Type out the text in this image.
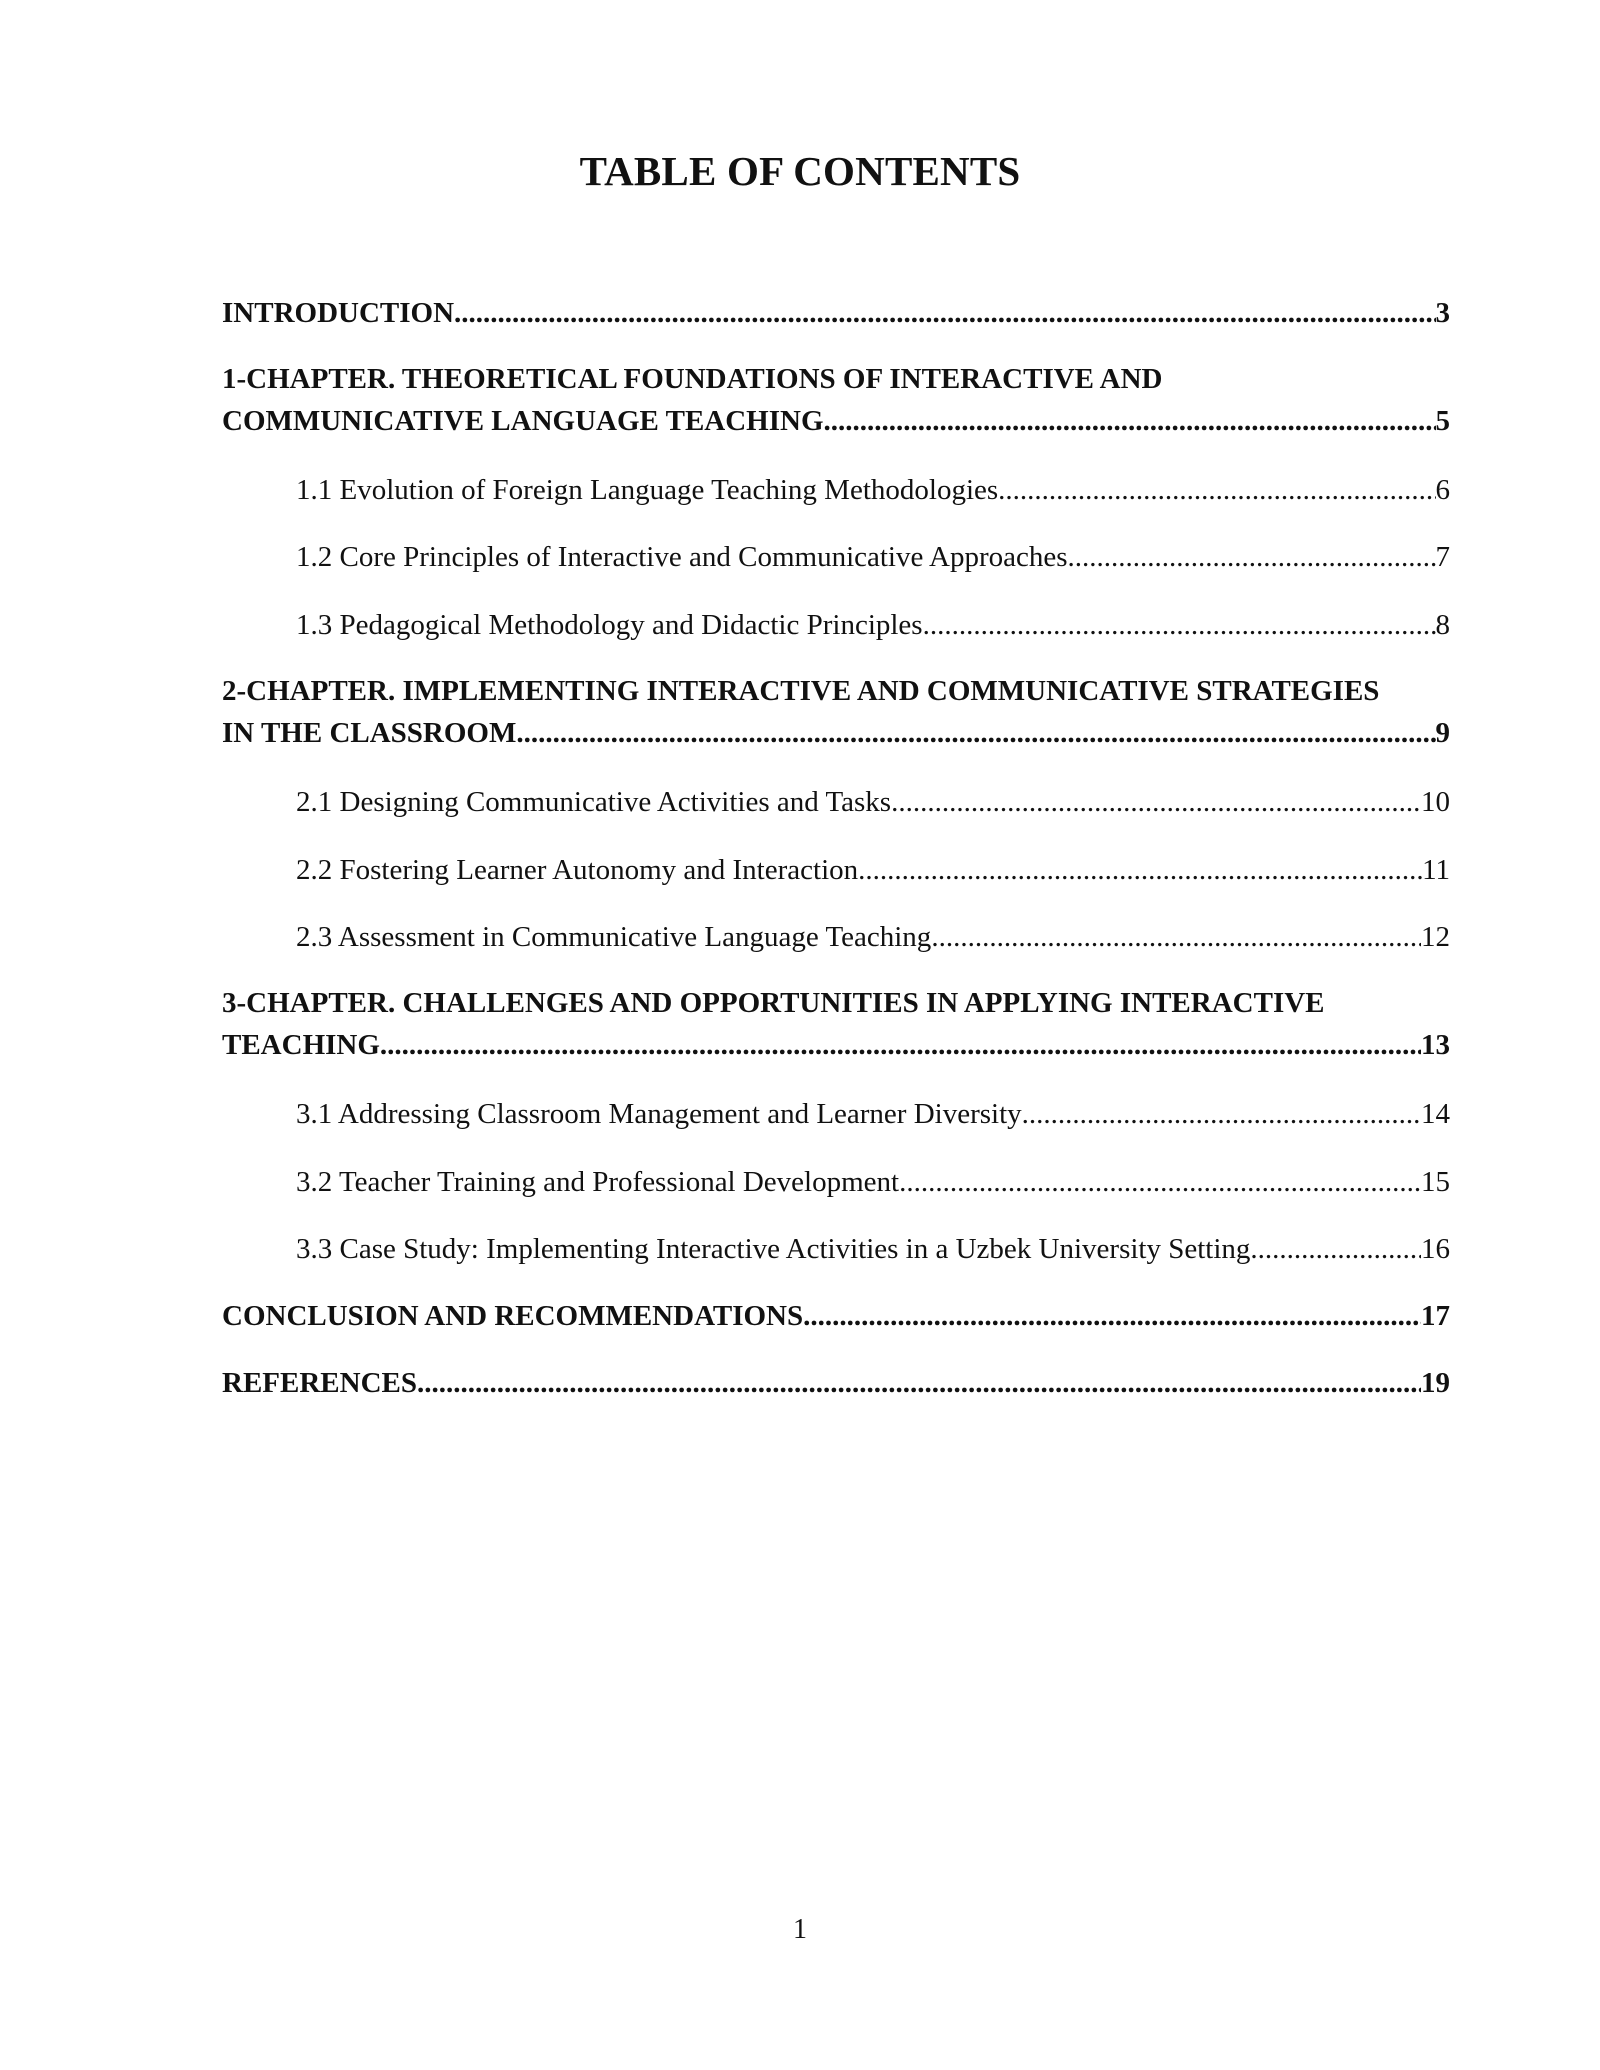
TABLE OF CONTENTS
INTRODUCTION .....	3
1-CHAPTER. THEORETICAL FOUNDATIONS OF INTERACTIVE AND
COMMUNICATIVE LANGUAGE TEACHING .....	5
1.1 Evolution of Foreign Language Teaching Methodologies .....	6
1.2 Core Principles of Interactive and Communicative Approaches .....	7
1.3 Pedagogical Methodology and Didactic Principles .....	8
2-CHAPTER. IMPLEMENTING INTERACTIVE AND COMMUNICATIVE STRATEGIES
IN THE CLASSROOM .....	9
2.1 Designing Communicative Activities and Tasks .....	10
2.2 Fostering Learner Autonomy and Interaction .....	11
2.3 Assessment in Communicative Language Teaching .....	12
3-CHAPTER. CHALLENGES AND OPPORTUNITIES IN APPLYING INTERACTIVE
TEACHING .....	13
3.1 Addressing Classroom Management and Learner Diversity .....	14
3.2 Teacher Training and Professional Development .....	15
3.3 Case Study: Implementing Interactive Activities in a Uzbek University Setting .....	16
CONCLUSION AND RECOMMENDATIONS .....	17
REFERENCES .....	19
1
